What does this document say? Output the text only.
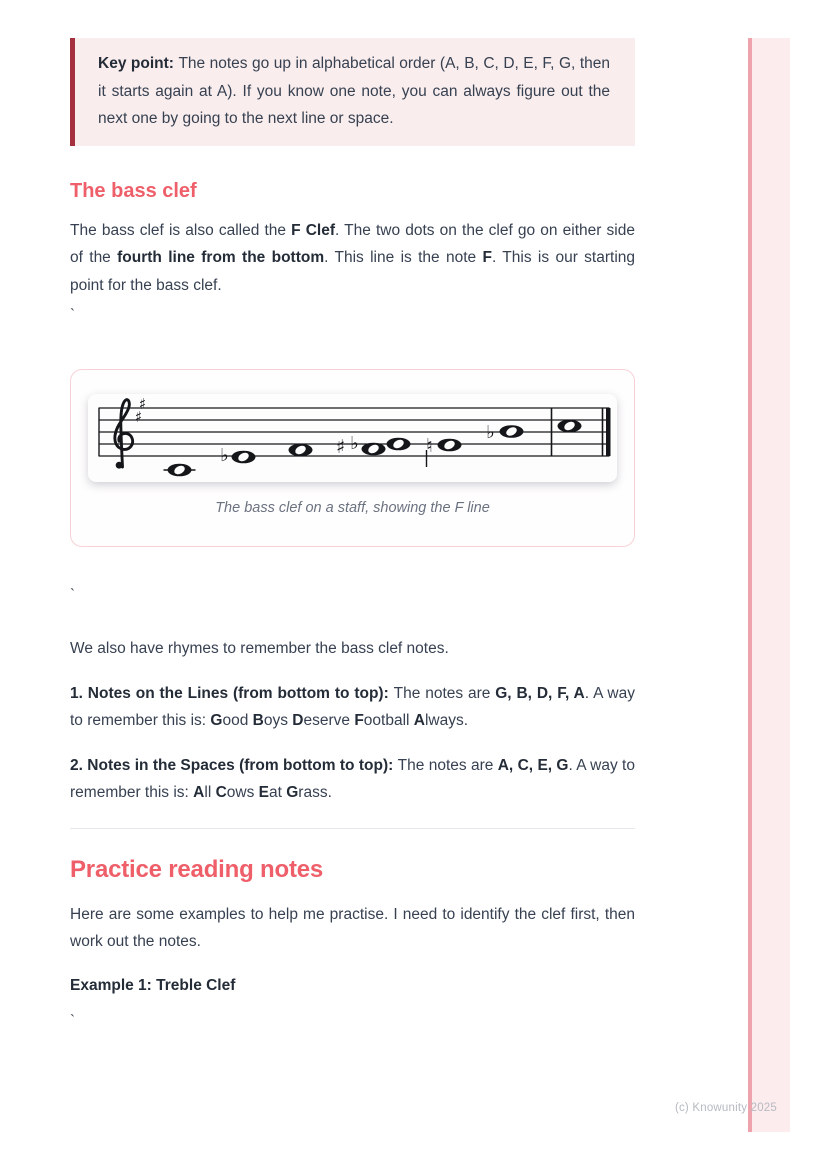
Key point: The notes go up in alphabetical order (A, B, C, D, E, F, G, then it starts again at A). If you know one note, you can always figure out the next one by going to the next line or space.

The bass clef

The bass clef is also called the F Clef. The two dots on the clef go on either side of the fourth line from the bottom. This line is the note F. This is our starting point for the bass clef.

`
♯
♯
♭	♯ ♭	♮
♭
The bass clef on a staff, showing the F line
`

We also have rhymes to remember the bass clef notes.

1. Notes on the Lines (from bottom to top): The notes are G, B, D, F, A. A way to remember this is: Good Boys Deserve Football Always.

2. Notes in the Spaces (from bottom to top): The notes are A, C, E, G. A way to remember this is: All Cows Eat Grass.

Practice reading notes

Here are some examples to help me practise. I need to identify the clef first, then work out the notes.

Example 1: Treble Clef

`
(c) Knowunity 2025
